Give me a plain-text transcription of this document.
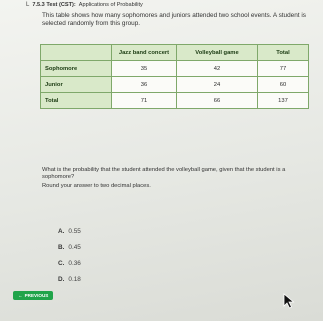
L 7.5.3 Test (CST): Applications of Probability
This table shows how many sophomores and juniors attended two school events. A student is selected randomly from this group.
	Jazz band concert	Volleyball game	Total
Sophomore	35	42	77
Junior	36	24	60
Total	71	66	137
What is the probability that the student attended the volleyball game, given that the student is a sophomore?
Round your answer to two decimal places.
A. 0.55
B. 0.45
C. 0.36
D. 0.18
← PREVIOUS
